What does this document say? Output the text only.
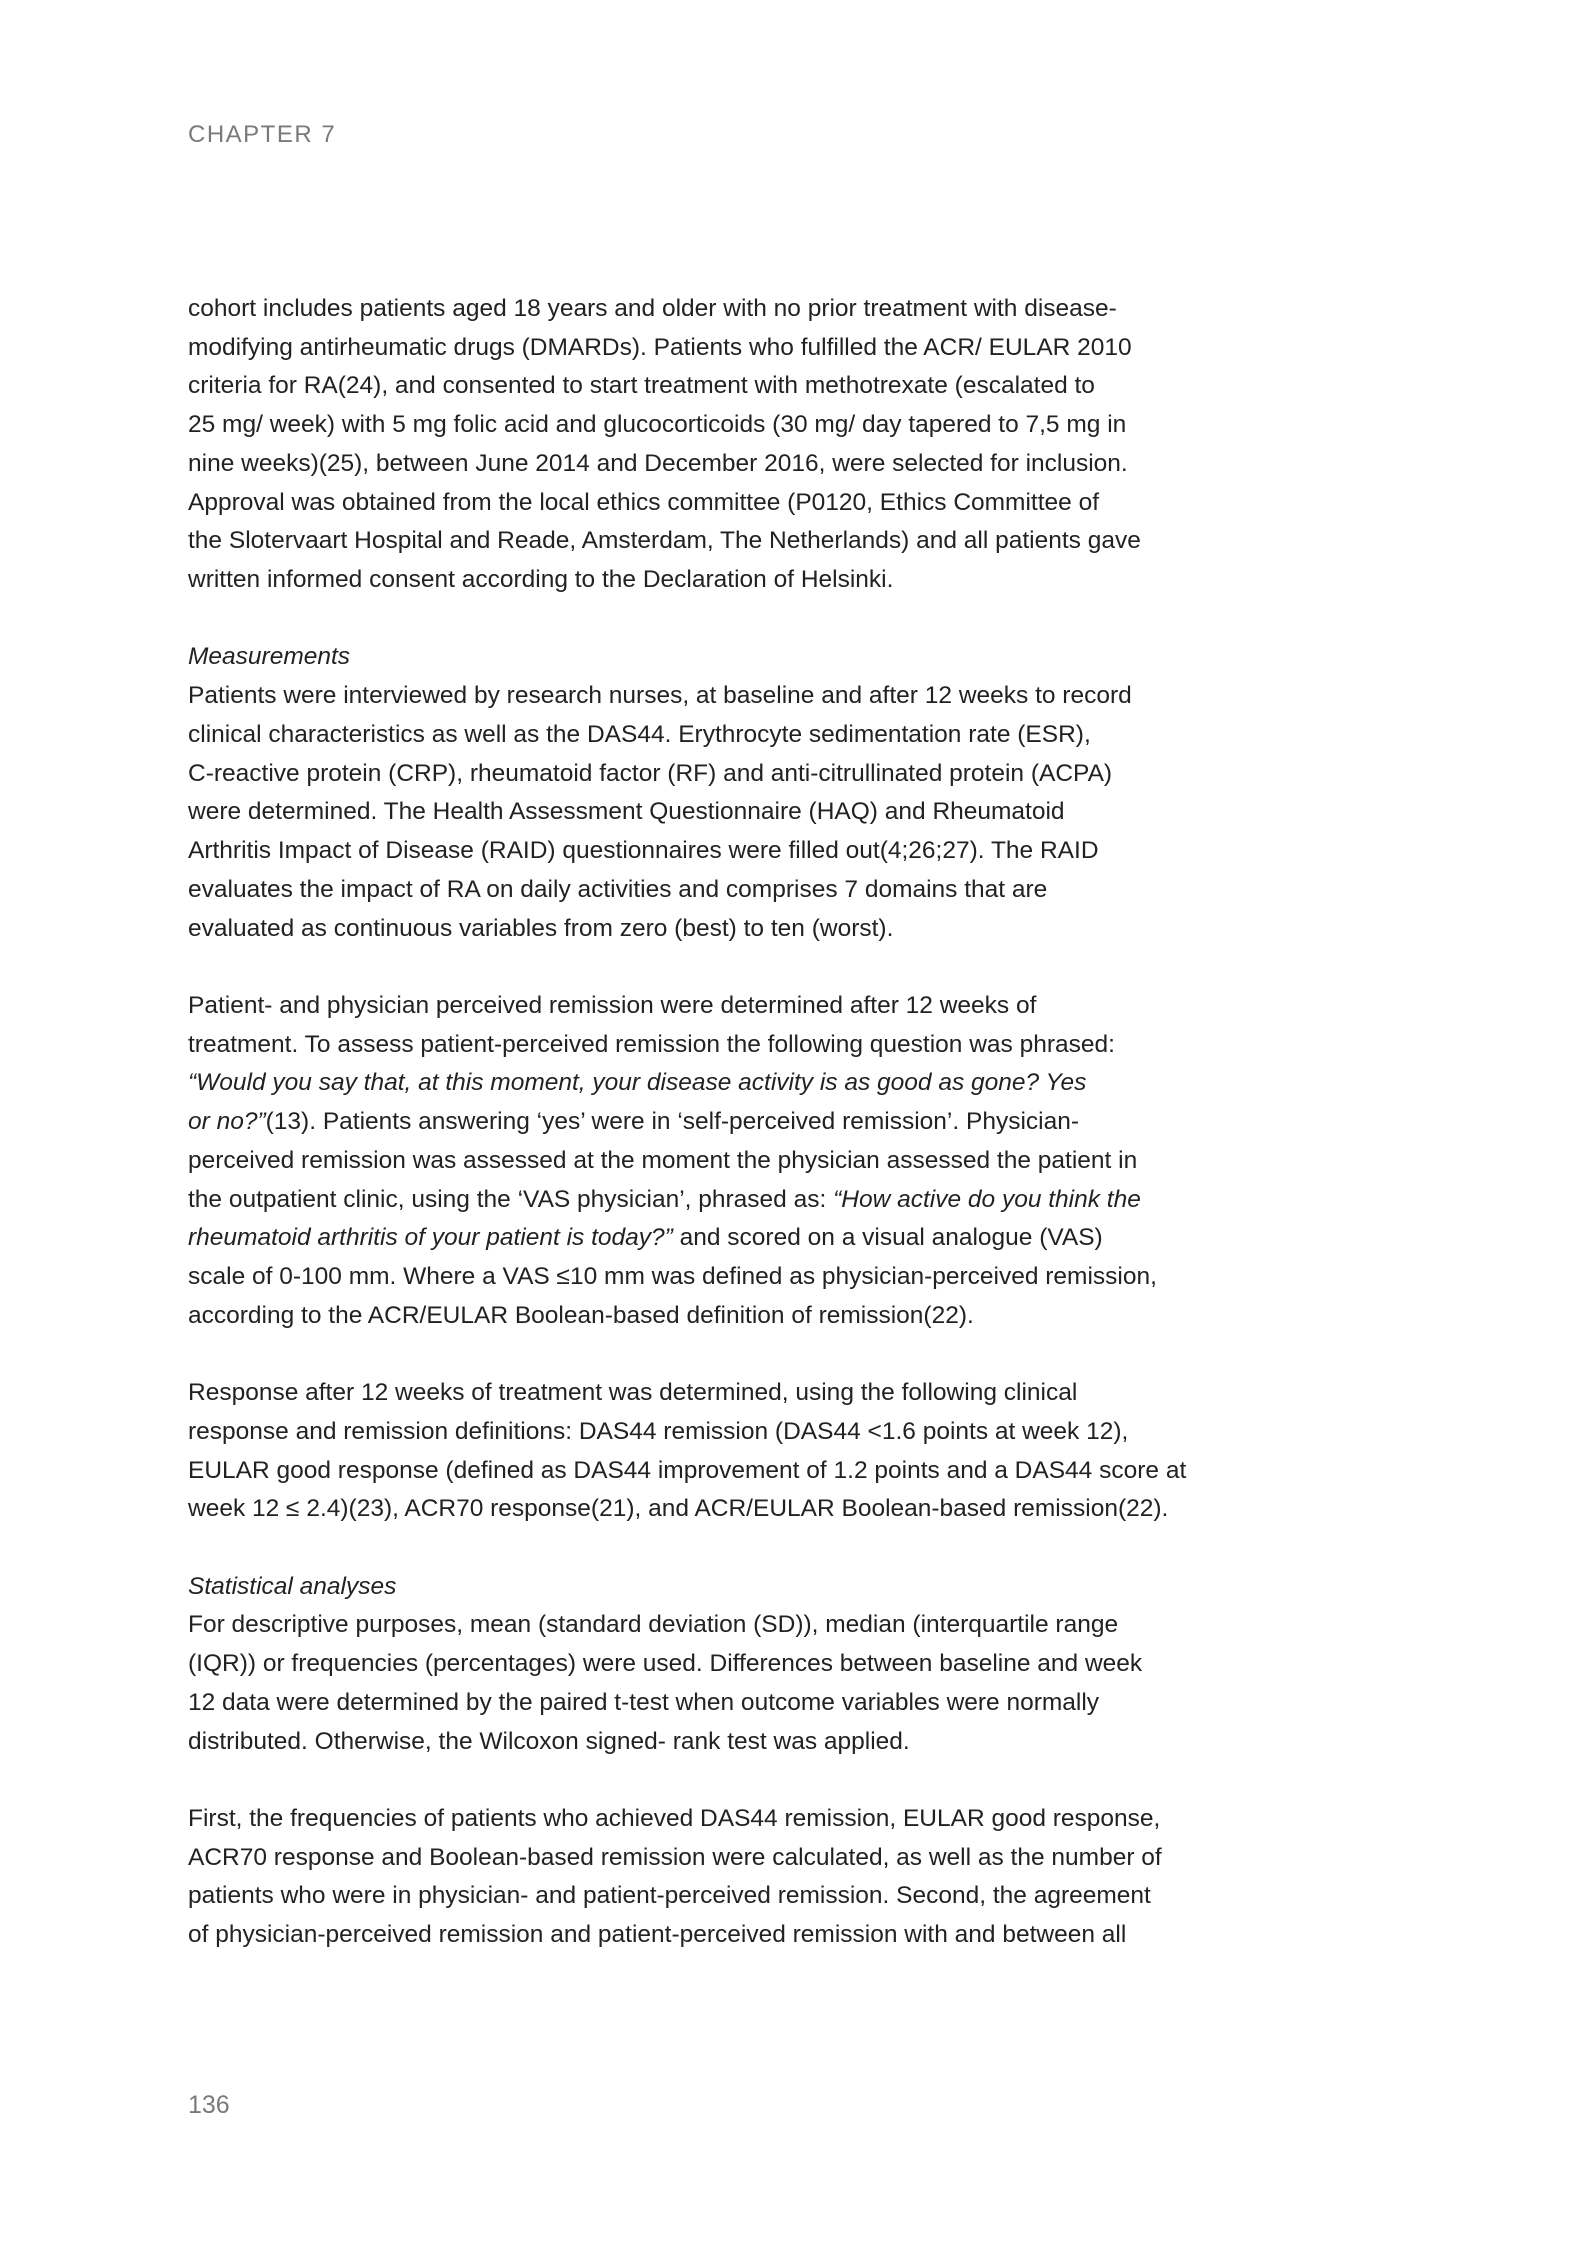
CHAPTER 7
cohort includes patients aged 18 years and older with no prior treatment with disease-
modifying antirheumatic drugs (DMARDs). Patients who fulfilled the ACR/ EULAR 2010
criteria for RA(24), and consented to start treatment with methotrexate (escalated to
25 mg/ week) with 5 mg folic acid and glucocorticoids (30 mg/ day tapered to 7,5 mg in
nine weeks)(25), between June 2014 and December 2016, were selected for inclusion.
Approval was obtained from the local ethics committee (P0120, Ethics Committee of
the Slotervaart Hospital and Reade, Amsterdam, The Netherlands) and all patients gave
written informed consent according to the Declaration of Helsinki.
Measurements
Patients were interviewed by research nurses, at baseline and after 12 weeks to record
clinical characteristics as well as the DAS44. Erythrocyte sedimentation rate (ESR),
C-reactive protein (CRP), rheumatoid factor (RF) and anti-citrullinated protein (ACPA)
were determined. The Health Assessment Questionnaire (HAQ) and Rheumatoid
Arthritis Impact of Disease (RAID) questionnaires were filled out(4;26;27). The RAID
evaluates the impact of RA on daily activities and comprises 7 domains that are
evaluated as continuous variables from zero (best) to ten (worst).
Patient- and physician perceived remission were determined after 12 weeks of
treatment. To assess patient-perceived remission the following question was phrased:
“Would you say that, at this moment, your disease activity is as good as gone? Yes
or no?”(13). Patients answering ‘yes’ were in ‘self-perceived remission’. Physician-
perceived remission was assessed at the moment the physician assessed the patient in
the outpatient clinic, using the ‘VAS physician’, phrased as: “How active do you think the
rheumatoid arthritis of your patient is today?” and scored on a visual analogue (VAS)
scale of 0-100 mm. Where a VAS ≤10 mm was defined as physician-perceived remission,
according to the ACR/EULAR Boolean-based definition of remission(22).
Response after 12 weeks of treatment was determined, using the following clinical
response and remission definitions: DAS44 remission (DAS44 <1.6 points at week 12),
EULAR good response (defined as DAS44 improvement of 1.2 points and a DAS44 score at
week 12 ≤ 2.4)(23), ACR70 response(21), and ACR/EULAR Boolean-based remission(22).
Statistical analyses
For descriptive purposes, mean (standard deviation (SD)), median (interquartile range
(IQR)) or frequencies (percentages) were used. Differences between baseline and week
12 data were determined by the paired t-test when outcome variables were normally
distributed. Otherwise, the Wilcoxon signed- rank test was applied.
First, the frequencies of patients who achieved DAS44 remission, EULAR good response,
ACR70 response and Boolean-based remission were calculated, as well as the number of
patients who were in physician- and patient-perceived remission. Second, the agreement
of physician-perceived remission and patient-perceived remission with and between all
136
